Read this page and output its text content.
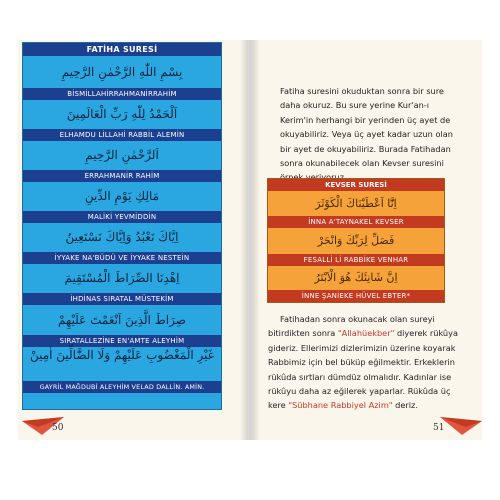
FATİHA SURESİ
بِسْمِ اللّٰهِ الرَّحْمٰنِ الرَّحِيمِ
BİSMİLLAHİRRAHMANİRRAHİM
اَلْحَمْدُ لِلّٰهِ رَبِّ الْعَالَمِينَ
ELHAMDU LİLLAHİ RABBİL ALEMİN
اَلرَّحْمٰنِ الرَّحِيمِ
ERRAHMANİR RAHİM
مَالِكِ يَوْمِ الدِّينِ
MALİKİ YEVMİDDİN
اِيَّاكَ نَعْبُدُ وَاِيَّاكَ نَسْتَعِينُ
İYYAKE NA'BÜDÜ VE İYYAKE NESTEİN
اِهْدِنَا الصِّرَاطَ الْمُسْتَقِيمَ
İHDİNAS SIRATAL MÜSTEKİM
صِرَاطَ الَّذِينَ اَنْعَمْتَ عَلَيْهِمْ
SIRATALLEZİNE EN'AMTE ALEYHİM
غَيْرِ الْمَغْضُوبِ عَلَيْهِمْ وَلَا الضَّٓالِّينَ اٰمِينْ
GAYRİL MAĞDUBİ ALEYHİM VELAD DALLİN. AMİN.
Fatiha suresini okuduktan sonra bir sure daha okuruz. Bu sure yerine Kur'an-ı Kerim'in herhangi bir yerinden üç ayet de okuyabiliriz. Veya üç ayet kadar uzun olan bir ayet de okuyabiliriz. Burada Fatihadan sonra okunabilecek olan Kevser suresini
KEVSER SURESİ
اِنَّٓا اَعْطَيْنَاكَ الْكَوْثَرَ
İNNA A'TAYNAKEL KEVSER
فَصَلِّ لِرَبِّكَ وَانْحَرْ
FESALLİ Lİ RABBİKE VENHAR
اِنَّ شَانِئَكَ هُوَ الْاَبْتَرُ
İNNE ŞANİEKE HÜVEL EBTER*
Fatihadan sonra okunacak olan sureyi bitirdikten sonra "Allahüekber" diyerek rükûya gideriz. Ellerimizi dizlerimizin üzerine koyarak Rabbimiz için bel büküp eğilmektir. Erkeklerin rükûda sırtları dümdüz olmalıdır. Kadınlar ise rükûyu daha az eğilerek yaparlar. Rükûda üç kere "Sübhane Rabbiyel Azim" deriz.
50	51
